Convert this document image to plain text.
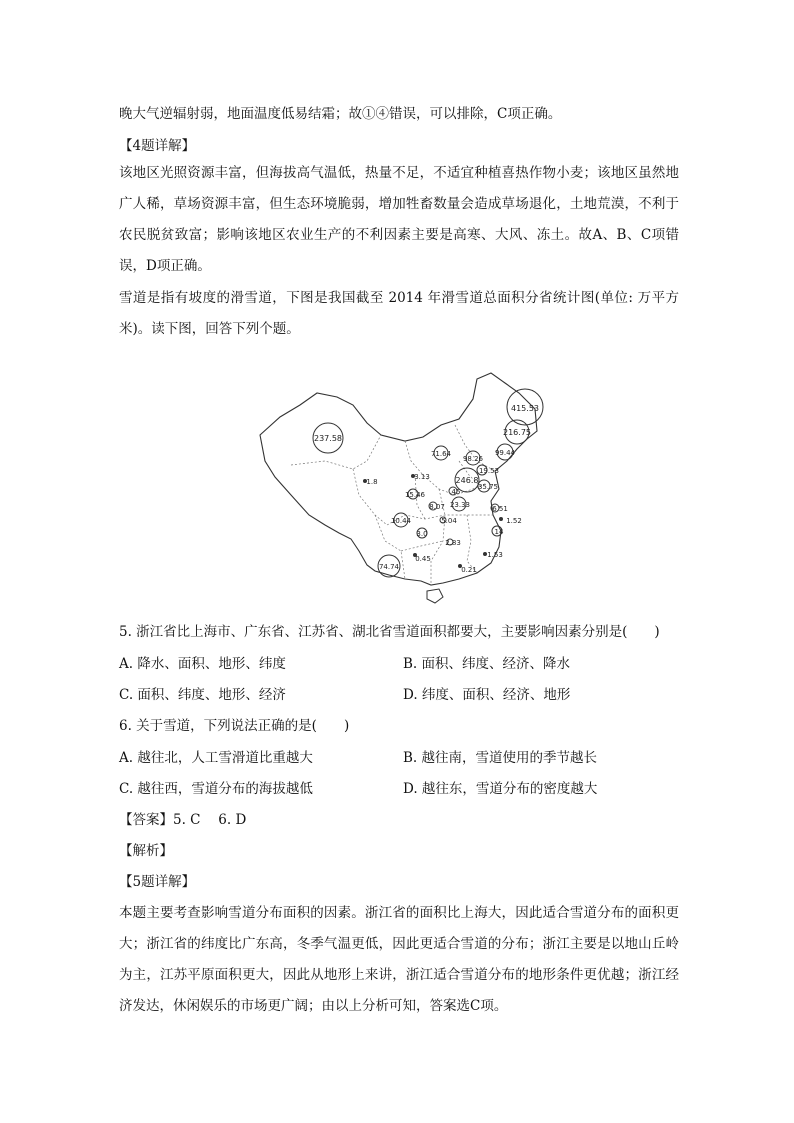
晚大气逆辐射弱，地面温度低易结霜；故①④错误，可以排除，C项正确。
【4题详解】
该地区光照资源丰富，但海拔高气温低，热量不足，不适宜种植喜热作物小麦；该地区虽然地广人稀，草场资源丰富，但生态环境脆弱，增加牲畜数量会造成草场退化，土地荒漠，不利于农民脱贫致富；影响该地区农业生产的不利因素主要是高寒、大风、冻土。故A、B、C项错误，D项正确。
雪道是指有坡度的滑雪道，下图是我国截至 2014 年滑雪道总面积分省统计图(单位: 万平方米)。读下图，回答下列个题。
415.53
216.75
237.58
99.44
71.64
98.26
19.53
246.8
35.75
45
3.13
15.46
1.8
8.07 23.33	6.51
1.52
5.04
14
10.44
3.0
2.83
0.45
74.74
1.53
0.21
5. 浙江省比上海市、广东省、江苏省、湖北省雪道面积都要大，主要影响因素分别是(　　)
A. 降水、面积、地形、纬度	B. 面积、纬度、经济、降水
C. 面积、纬度、地形、经济	D. 纬度、面积、经济、地形
6. 关于雪道，下列说法正确的是(　　)
A. 越往北，人工雪滑道比重越大	B. 越往南，雪道使用的季节越长
C. 越往西，雪道分布的海拔越低	D. 越往东，雪道分布的密度越大
【答案】5. C　 6. D
【解析】
【5题详解】
本题主要考查影响雪道分布面积的因素。浙江省的面积比上海大，因此适合雪道分布的面积更大；浙江省的纬度比广东高，冬季气温更低，因此更适合雪道的分布；浙江主要是以地山丘岭为主，江苏平原面积更大，因此从地形上来讲，浙江适合雪道分布的地形条件更优越；浙江经济发达，休闲娱乐的市场更广阔；由以上分析可知，答案选C项。
